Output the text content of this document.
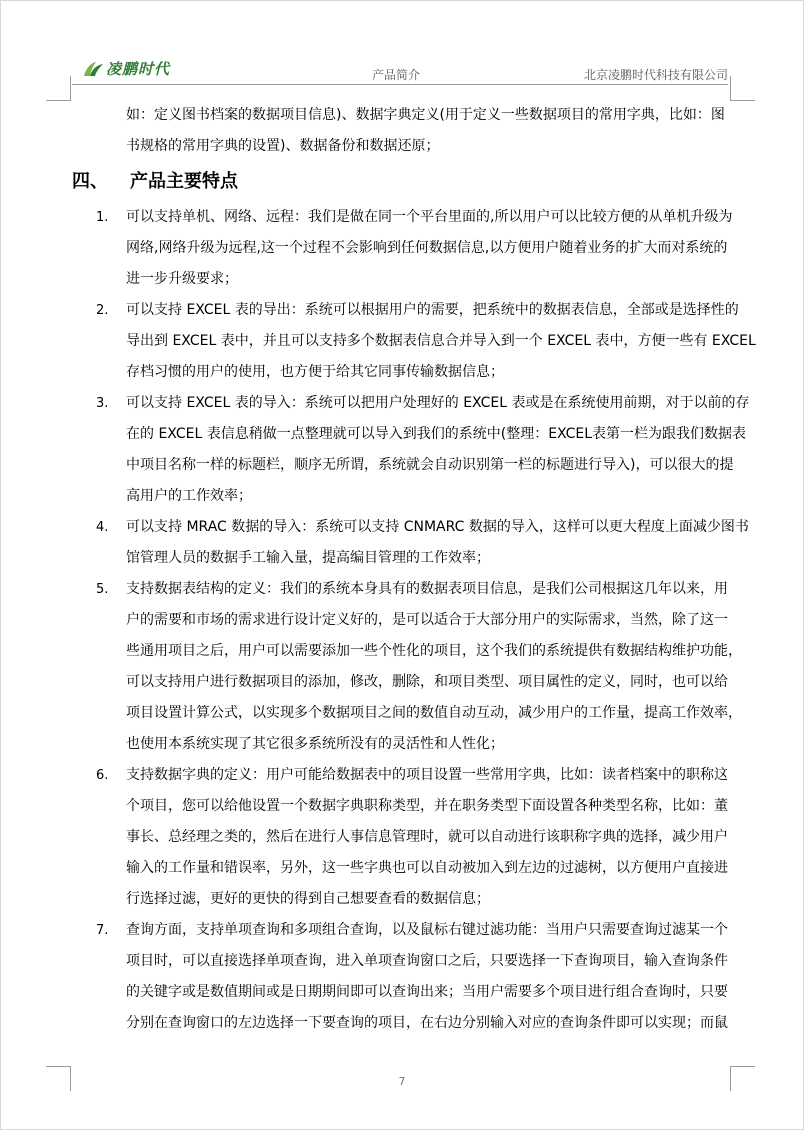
凌鹏时代	产品简介	北京凌鹏时代科技有限公司
如：定义图书档案的数据项目信息)、数据字典定义(用于定义一些数据项目的常用字典，比如：图
书规格的常用字典的设置)、数据备份和数据还原；
四、 产品主要特点
1.	可以支持单机、网络、远程：我们是做在同一个平台里面的,所以用户可以比较方便的从单机升级为
网络,网络升级为远程,这一个过程不会影响到任何数据信息,以方便用户随着业务的扩大而对系统的
进一步升级要求；
2.	可以支持 EXCEL 表的导出：系统可以根据用户的需要，把系统中的数据表信息，全部或是选择性的
导出到 EXCEL 表中，并且可以支持多个数据表信息合并导入到一个 EXCEL 表中，方便一些有 EXCEL
存档习惯的用户的使用，也方便于给其它同事传输数据信息；
3.	可以支持 EXCEL 表的导入：系统可以把用户处理好的 EXCEL 表或是在系统使用前期，对于以前的存
在的 EXCEL 表信息稍做一点整理就可以导入到我们的系统中(整理：EXCEL表第一栏为跟我们数据表
中项目名称一样的标题栏，顺序无所谓，系统就会自动识别第一栏的标题进行导入)，可以很大的提
高用户的工作效率；
4.	可以支持 MRAC 数据的导入：系统可以支持 CNMARC 数据的导入，这样可以更大程度上面减少图书
馆管理人员的数据手工输入量，提高编目管理的工作效率；
5.	支持数据表结构的定义：我们的系统本身具有的数据表项目信息，是我们公司根据这几年以来，用
户的需要和市场的需求进行设计定义好的，是可以适合于大部分用户的实际需求，当然，除了这一
些通用项目之后，用户可以需要添加一些个性化的项目，这个我们的系统提供有数据结构维护功能，
可以支持用户进行数据项目的添加，修改，删除，和项目类型、项目属性的定义，同时，也可以给
项目设置计算公式，以实现多个数据项目之间的数值自动互动，减少用户的工作量，提高工作效率，
也使用本系统实现了其它很多系统所没有的灵活性和人性化；
6.	支持数据字典的定义：用户可能给数据表中的项目设置一些常用字典，比如：读者档案中的职称这
个项目，您可以给他设置一个数据字典职称类型，并在职务类型下面设置各种类型名称，比如：董
事长、总经理之类的，然后在进行人事信息管理时，就可以自动进行该职称字典的选择，减少用户
输入的工作量和错误率，另外，这一些字典也可以自动被加入到左边的过滤树，以方便用户直接进
行选择过滤，更好的更快的得到自己想要查看的数据信息；
7.	查询方面，支持单项查询和多项组合查询，以及鼠标右键过滤功能：当用户只需要查询过滤某一个
项目时，可以直接选择单项查询，进入单项查询窗口之后，只要选择一下查询项目，输入查询条件
的关键字或是数值期间或是日期期间即可以查询出来；当用户需要多个项目进行组合查询时，只要
分别在查询窗口的左边选择一下要查询的项目，在右边分别输入对应的查询条件即可以实现；而鼠
7
